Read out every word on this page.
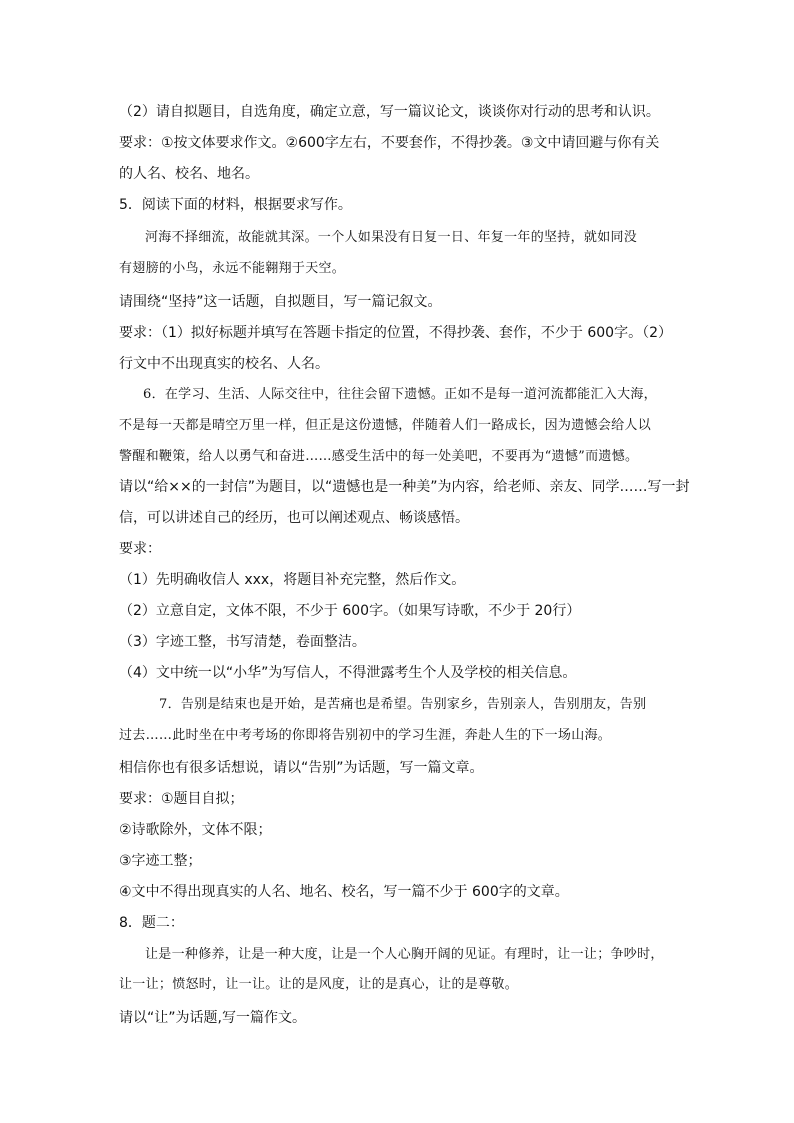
（2）请自拟题目，自选角度，确定立意，写一篇议论文，谈谈你对行动的思考和认识。
要求：①按文体要求作文。②600字左右，不要套作，不得抄袭。③文中请回避与你有关
的人名、校名、地名。
5．阅读下面的材料，根据要求写作。
河海不择细流，故能就其深。一个人如果没有日复一日、年复一年的坚持，就如同没
有翅膀的小鸟，永远不能翱翔于天空。
请围绕“坚持”这一话题，自拟题目，写一篇记叙文。
要求：（1）拟好标题并填写在答题卡指定的位置，不得抄袭、套作，不少于 600字。（2）
行文中不出现真实的校名、人名。
6．在学习、生活、人际交往中，往往会留下遗憾。正如不是每一道河流都能汇入大海，
不是每一天都是晴空万里一样，但正是这份遗憾，伴随着人们一路成长，因为遗憾会给人以
警醒和鞭策，给人以勇气和奋进……感受生活中的每一处美吧，不要再为“遗憾”而遗憾。
请以“给××的一封信”为题目，以“遗憾也是一种美”为内容，给老师、亲友、同学……写一封
信，可以讲述自己的经历，也可以阐述观点、畅谈感悟。
要求：
（1）先明确收信人 xxx，将题目补充完整，然后作文。
（2）立意自定，文体不限，不少于 600字。（如果写诗歌，不少于 20行）
（3）字迹工整，书写清楚，卷面整洁。
（4）文中统一以“小华”为写信人，不得泄露考生个人及学校的相关信息。
7．告别是结束也是开始，是苦痛也是希望。告别家乡，告别亲人，告别朋友，告别
过去……此时坐在中考考场的你即将告别初中的学习生涯，奔赴人生的下一场山海。
相信你也有很多话想说，请以“告别”为话题，写一篇文章。
要求：①题目自拟；
②诗歌除外，文体不限；
③字迹工整；
④文中不得出现真实的人名、地名、校名，写一篇不少于 600字的文章。
8．题二：
让是一种修养，让是一种大度，让是一个人心胸开阔的见证。有理时，让一让；争吵时，
让一让；愤怒时，让一让。让的是风度，让的是真心，让的是尊敬。
请以“让”为话题,写一篇作文。
